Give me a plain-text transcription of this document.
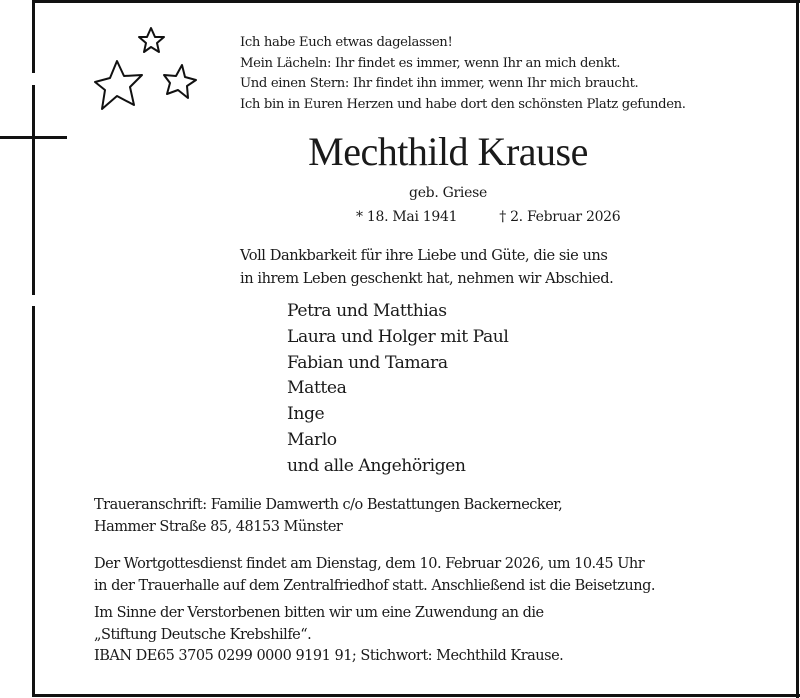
Ich habe Euch etwas dagelassen!
Mein Lächeln: Ihr findet es immer, wenn Ihr an mich denkt.
Und einen Stern: Ihr findet ihn immer, wenn Ihr mich braucht.
Ich bin in Euren Herzen und habe dort den schönsten Platz gefunden.
Mechthild Krause
geb. Griese
* 18. Mai 1941	† 2. Februar 2026
Voll Dankbarkeit für ihre Liebe und Güte, die sie uns
in ihrem Leben geschenkt hat, nehmen wir Abschied.
Petra und Matthias
Laura und Holger mit Paul
Fabian und Tamara
Mattea
Inge
Marlo
und alle Angehörigen
Traueranschrift: Familie Damwerth c/o Bestattungen Backernecker,
Hammer Straße 85, 48153 Münster
Der Wortgottesdienst findet am Dienstag, dem 10. Februar 2026, um 10.45 Uhr
in der Trauerhalle auf dem Zentralfriedhof statt. Anschließend ist die Beisetzung.
Im Sinne der Verstorbenen bitten wir um eine Zuwendung an die
„Stiftung Deutsche Krebshilfe“.
IBAN DE65 3705 0299 0000 9191 91; Stichwort: Mechthild Krause.
